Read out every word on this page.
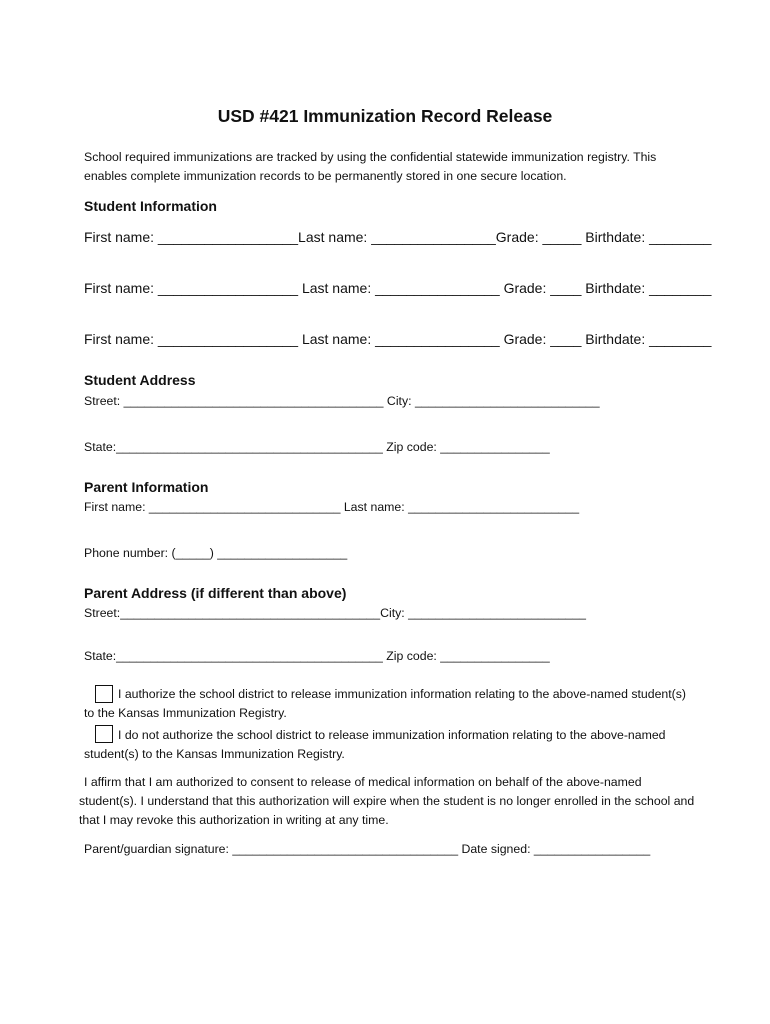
USD #421 Immunization Record Release
School required immunizations are tracked by using the confidential statewide immunization registry. This
enables complete immunization records to be permanently stored in one secure location.
Student Information
First name: __________________Last name: ________________Grade: _____ Birthdate: ________
First name: __________________ Last name: ________________ Grade: ____ Birthdate: ________
First name: __________________ Last name: ________________ Grade: ____ Birthdate: ________
Student Address
Street: ______________________________________ City: ___________________________
State:_______________________________________ Zip code: ________________
Parent Information
First name: ____________________________ Last name: _________________________
Phone number: (_____) ___________________
Parent Address (if different than above)
Street:______________________________________City: __________________________
State:_______________________________________ Zip code: ________________
I authorize the school district to release immunization information relating to the above-named student(s)
to the Kansas Immunization Registry.
I do not authorize the school district to release immunization information relating to the above-named
student(s) to the Kansas Immunization Registry.
I affirm that I am authorized to consent to release of medical information on behalf of the above-named
student(s). I understand that this authorization will expire when the student is no longer enrolled in the school and
that I may revoke this authorization in writing at any time.
Parent/guardian signature: _________________________________ Date signed: _________________
